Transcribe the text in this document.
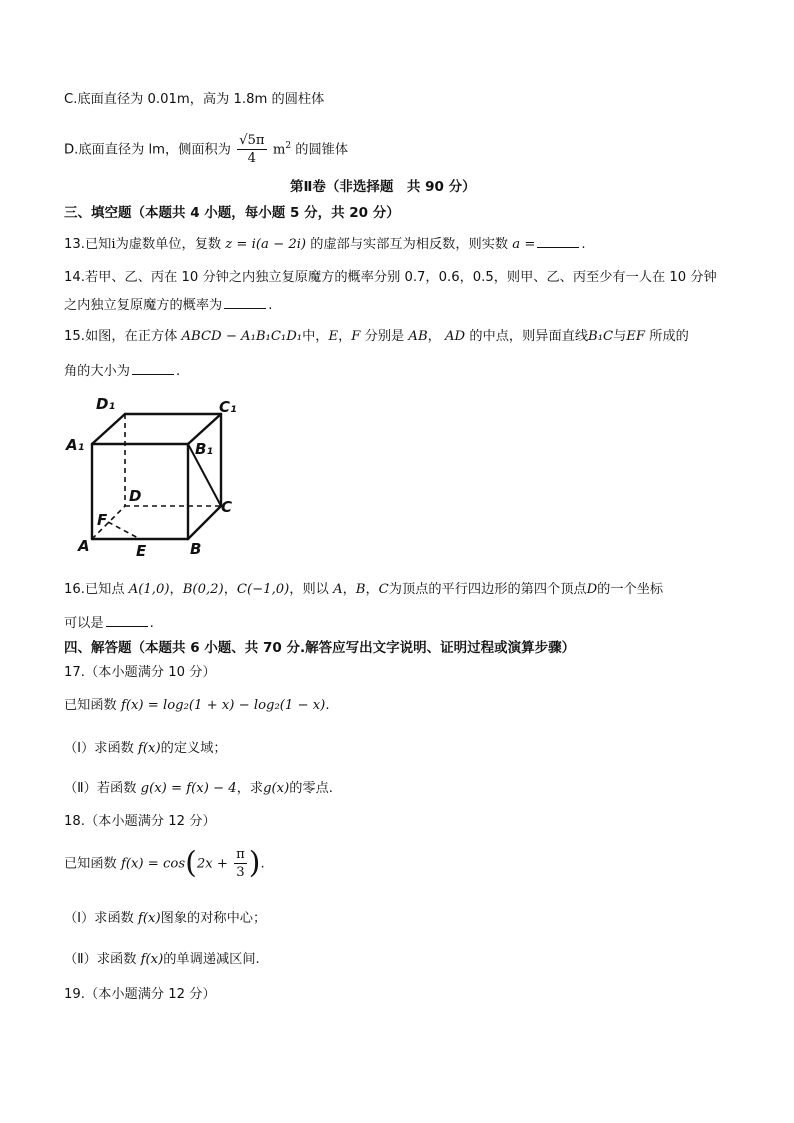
C.底面直径为 0.01m，高为 1.8m 的圆柱体
D.底面直径为 lm，侧面积为 $\frac{√5\pi}{4} m^2$ 的圆锥体
第Ⅱ卷（非选择题　共 90 分）
三、填空题（本题共 4 小题，每小题 5 分，共 20 分）
13.已知i为虚数单位，复数 z = i(a − 2i) 的虚部与实部互为相反数，则实数 a =	.
14.若甲、乙、丙在 10 分钟之内独立复原魔方的概率分别 0.7，0.6，0.5，则甲、乙、丙至少有一人在 10 分钟
之内独立复原魔方的概率为	.
15.如图，在正方体 ABCD − A₁B₁C₁D₁中，E，F 分别是 AB， AD 的中点，则异面直线B₁C与EF 所成的
角的大小为	.
D₁	C₁
A₁	B₁
D
C
F
A	E	B
16.已知点 A(1,0)，B(0,2)，C(−1,0)，则以 A，B，C为顶点的平行四边形的第四个顶点D的一个坐标
可以是	.
四、解答题（本题共 6 小题、共 70 分.解答应写出文字说明、证明过程或演算步骤）
17.（本小题满分 10 分）
已知函数 f(x) = log₂(1 + x) − log₂(1 − x).
（Ⅰ）求函数 f(x)的定义域；
（Ⅱ）若函数 g(x) = f(x) − 4，求g(x)的零点.
18.（本小题满分 12 分）
已知函数 $f(x) = \cos(2x + \frac{\pi}{3}$ ).
（Ⅰ）求函数 f(x)图象的对称中心；
（Ⅱ）求函数 f(x)的单调递减区间.
19.（本小题满分 12 分）
